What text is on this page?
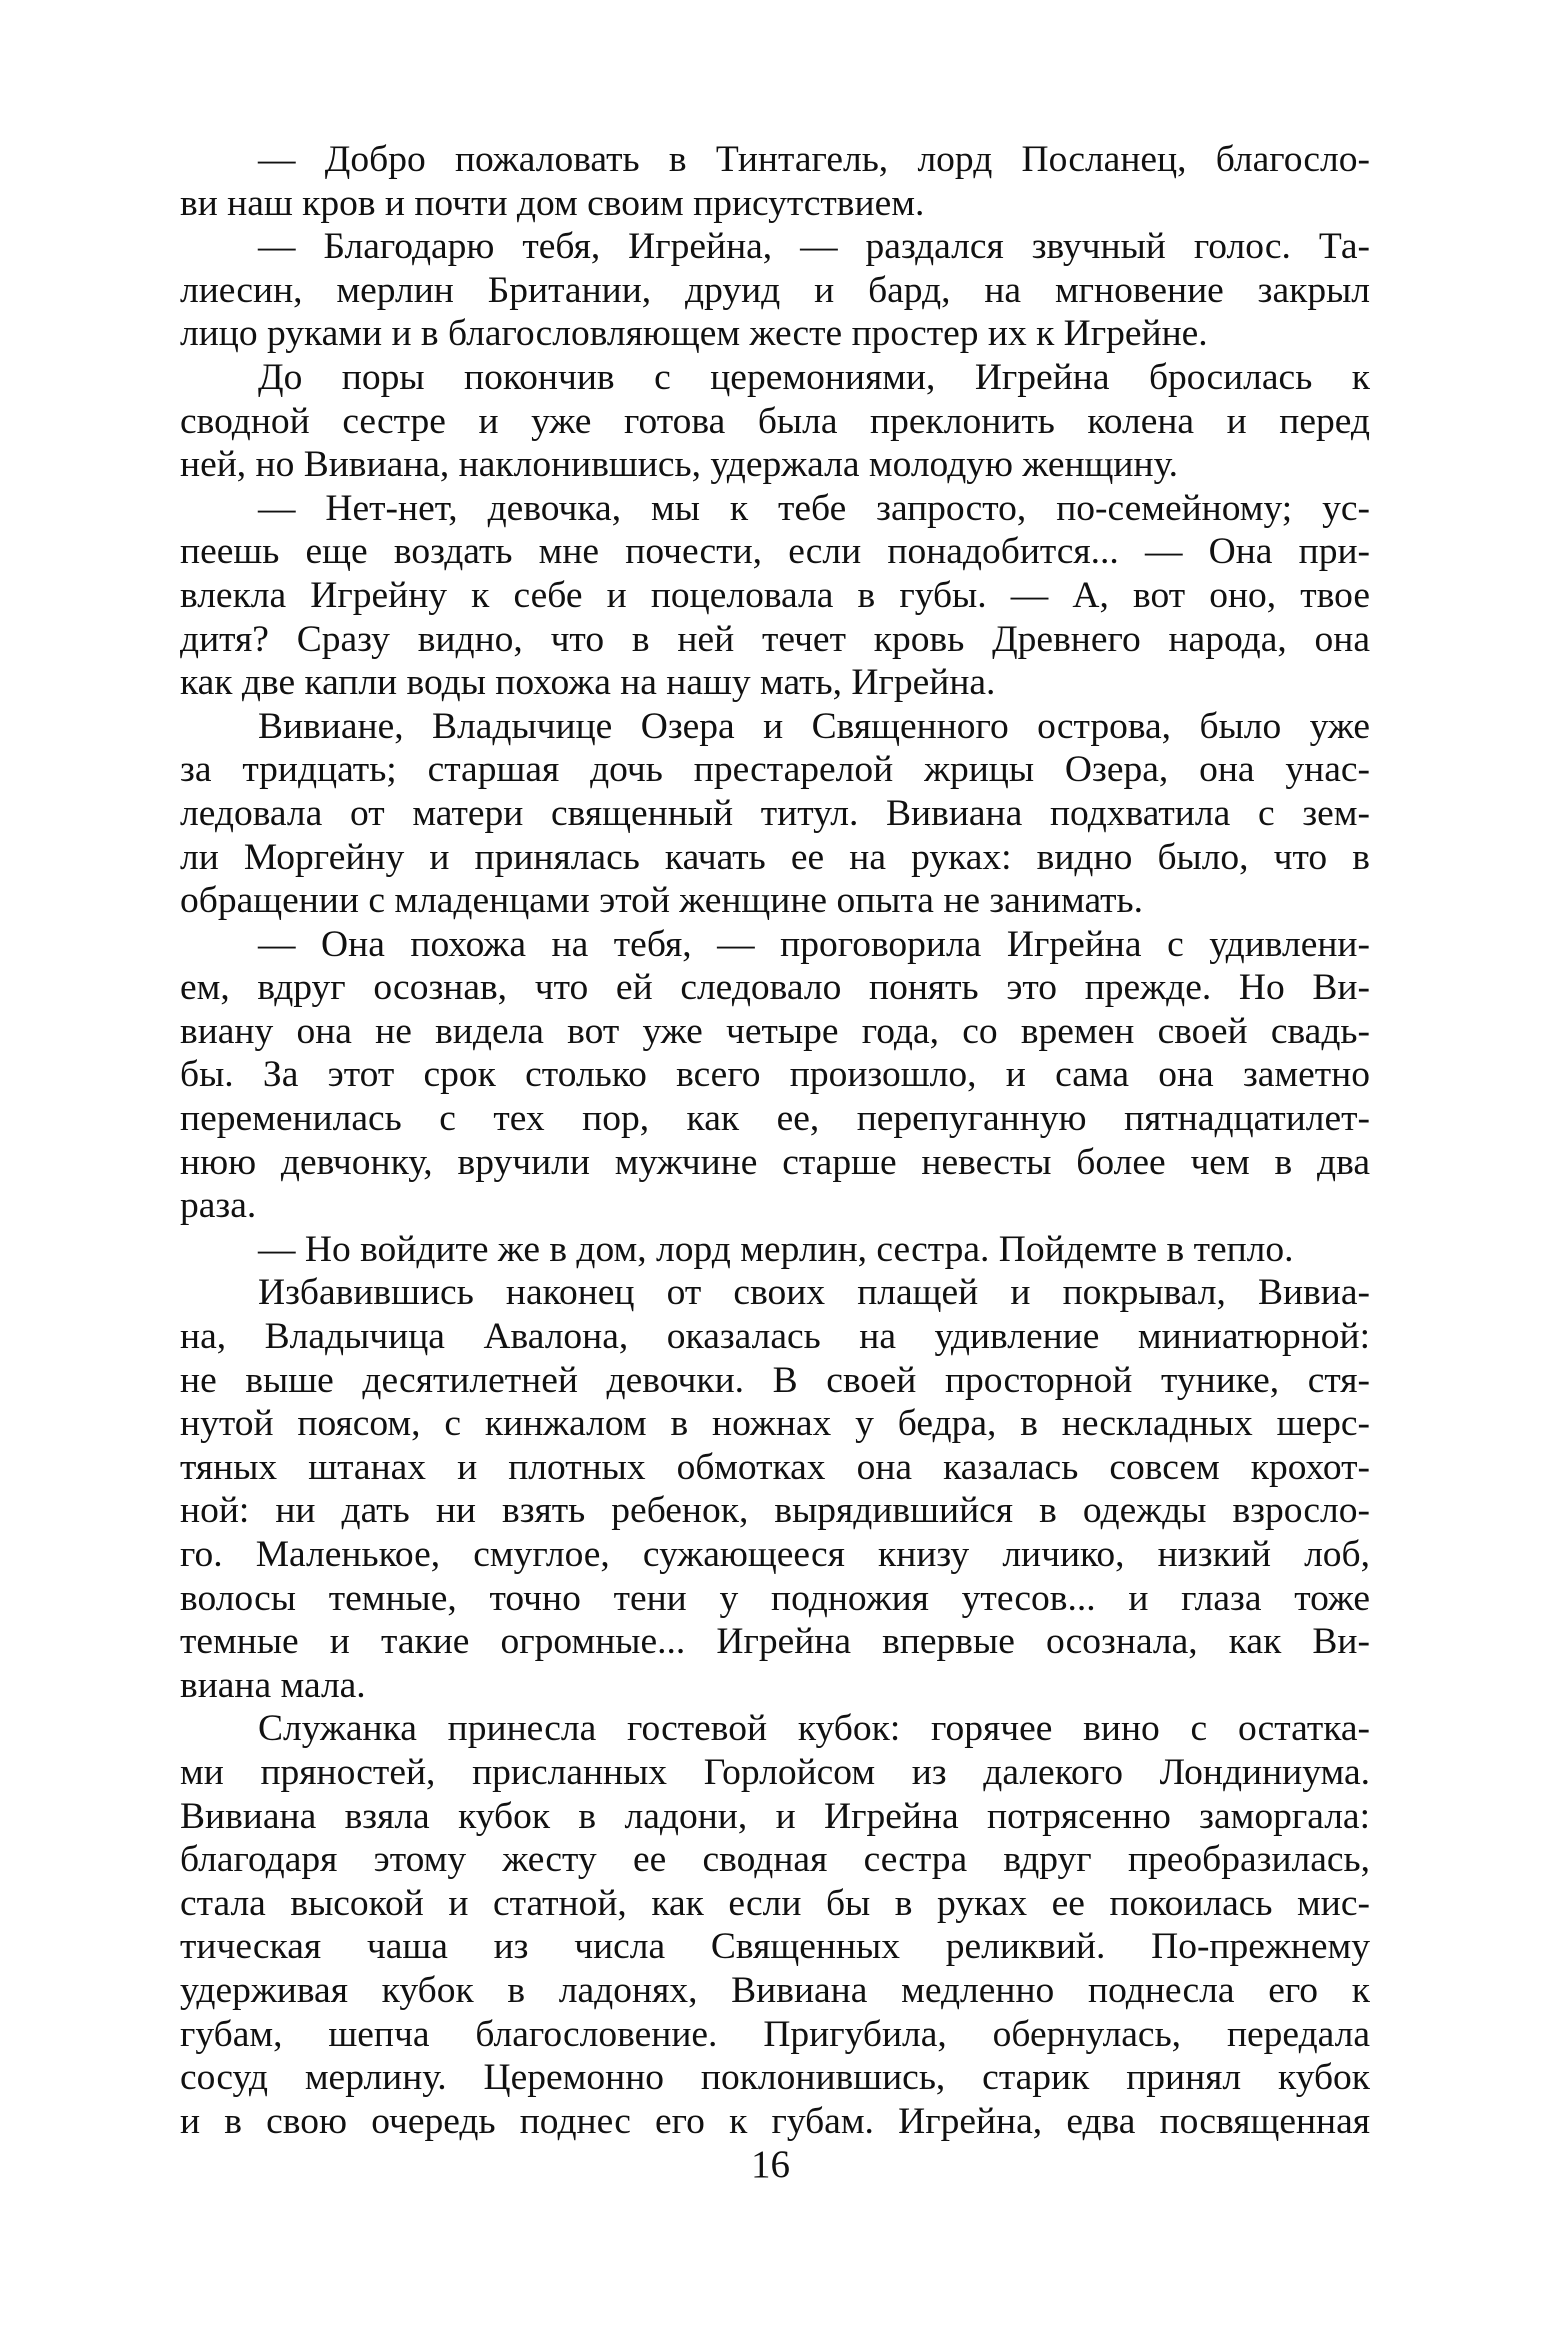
— Добро пожаловать в Тинтагель, лорд Посланец, благосло-
ви наш кров и почти дом своим присутствием.
— Благодарю тебя, Игрейна, — раздался звучный голос. Та-
лиесин, мерлин Британии, друид и бард, на мгновение закрыл
лицо руками и в благословляющем жесте простер их к Игрейне.
До поры покончив с церемониями, Игрейна бросилась к
сводной сестре и уже готова была преклонить колена и перед
ней, но Вивиана, наклонившись, удержала молодую женщину.
— Нет-нет, девочка, мы к тебе запросто, по-семейному; ус-
пеешь еще воздать мне почести, если понадобится... — Она при-
влекла Игрейну к себе и поцеловала в губы. — А, вот оно, твое
дитя? Сразу видно, что в ней течет кровь Древнего народа, она
как две капли воды похожа на нашу мать, Игрейна.
Вивиане, Владычице Озера и Священного острова, было уже
за тридцать; старшая дочь престарелой жрицы Озера, она унас-
ледовала от матери священный титул. Вивиана подхватила с зем-
ли Моргейну и принялась качать ее на руках: видно было, что в
обращении с младенцами этой женщине опыта не занимать.
— Она похожа на тебя, — проговорила Игрейна с удивлени-
ем, вдруг осознав, что ей следовало понять это прежде. Но Ви-
виану она не видела вот уже четыре года, со времен своей свадь-
бы. За этот срок столько всего произошло, и сама она заметно
переменилась с тех пор, как ее, перепуганную пятнадцатилет-
нюю девчонку, вручили мужчине старше невесты более чем в два
раза.
— Но войдите же в дом, лорд мерлин, сестра. Пойдемте в тепло.
Избавившись наконец от своих плащей и покрывал, Вивиа-
на, Владычица Авалона, оказалась на удивление миниатюрной:
не выше десятилетней девочки. В своей просторной тунике, стя-
нутой поясом, с кинжалом в ножнах у бедра, в нескладных шерс-
тяных штанах и плотных обмотках она казалась совсем крохот-
ной: ни дать ни взять ребенок, вырядившийся в одежды взросло-
го. Маленькое, смуглое, сужающееся книзу личико, низкий лоб,
волосы темные, точно тени у подножия утесов... и глаза тоже
темные и такие огромные... Игрейна впервые осознала, как Ви-
виана мала.
Служанка принесла гостевой кубок: горячее вино с остатка-
ми пряностей, присланных Горлойсом из далекого Лондиниума.
Вивиана взяла кубок в ладони, и Игрейна потрясенно заморгала:
благодаря этому жесту ее сводная сестра вдруг преобразилась,
стала высокой и статной, как если бы в руках ее покоилась мис-
тическая чаша из числа Священных реликвий. По-прежнему
удерживая кубок в ладонях, Вивиана медленно поднесла его к
губам, шепча благословение. Пригубила, обернулась, передала
сосуд мерлину. Церемонно поклонившись, старик принял кубок
и в свою очередь поднес его к губам. Игрейна, едва посвященная
16
